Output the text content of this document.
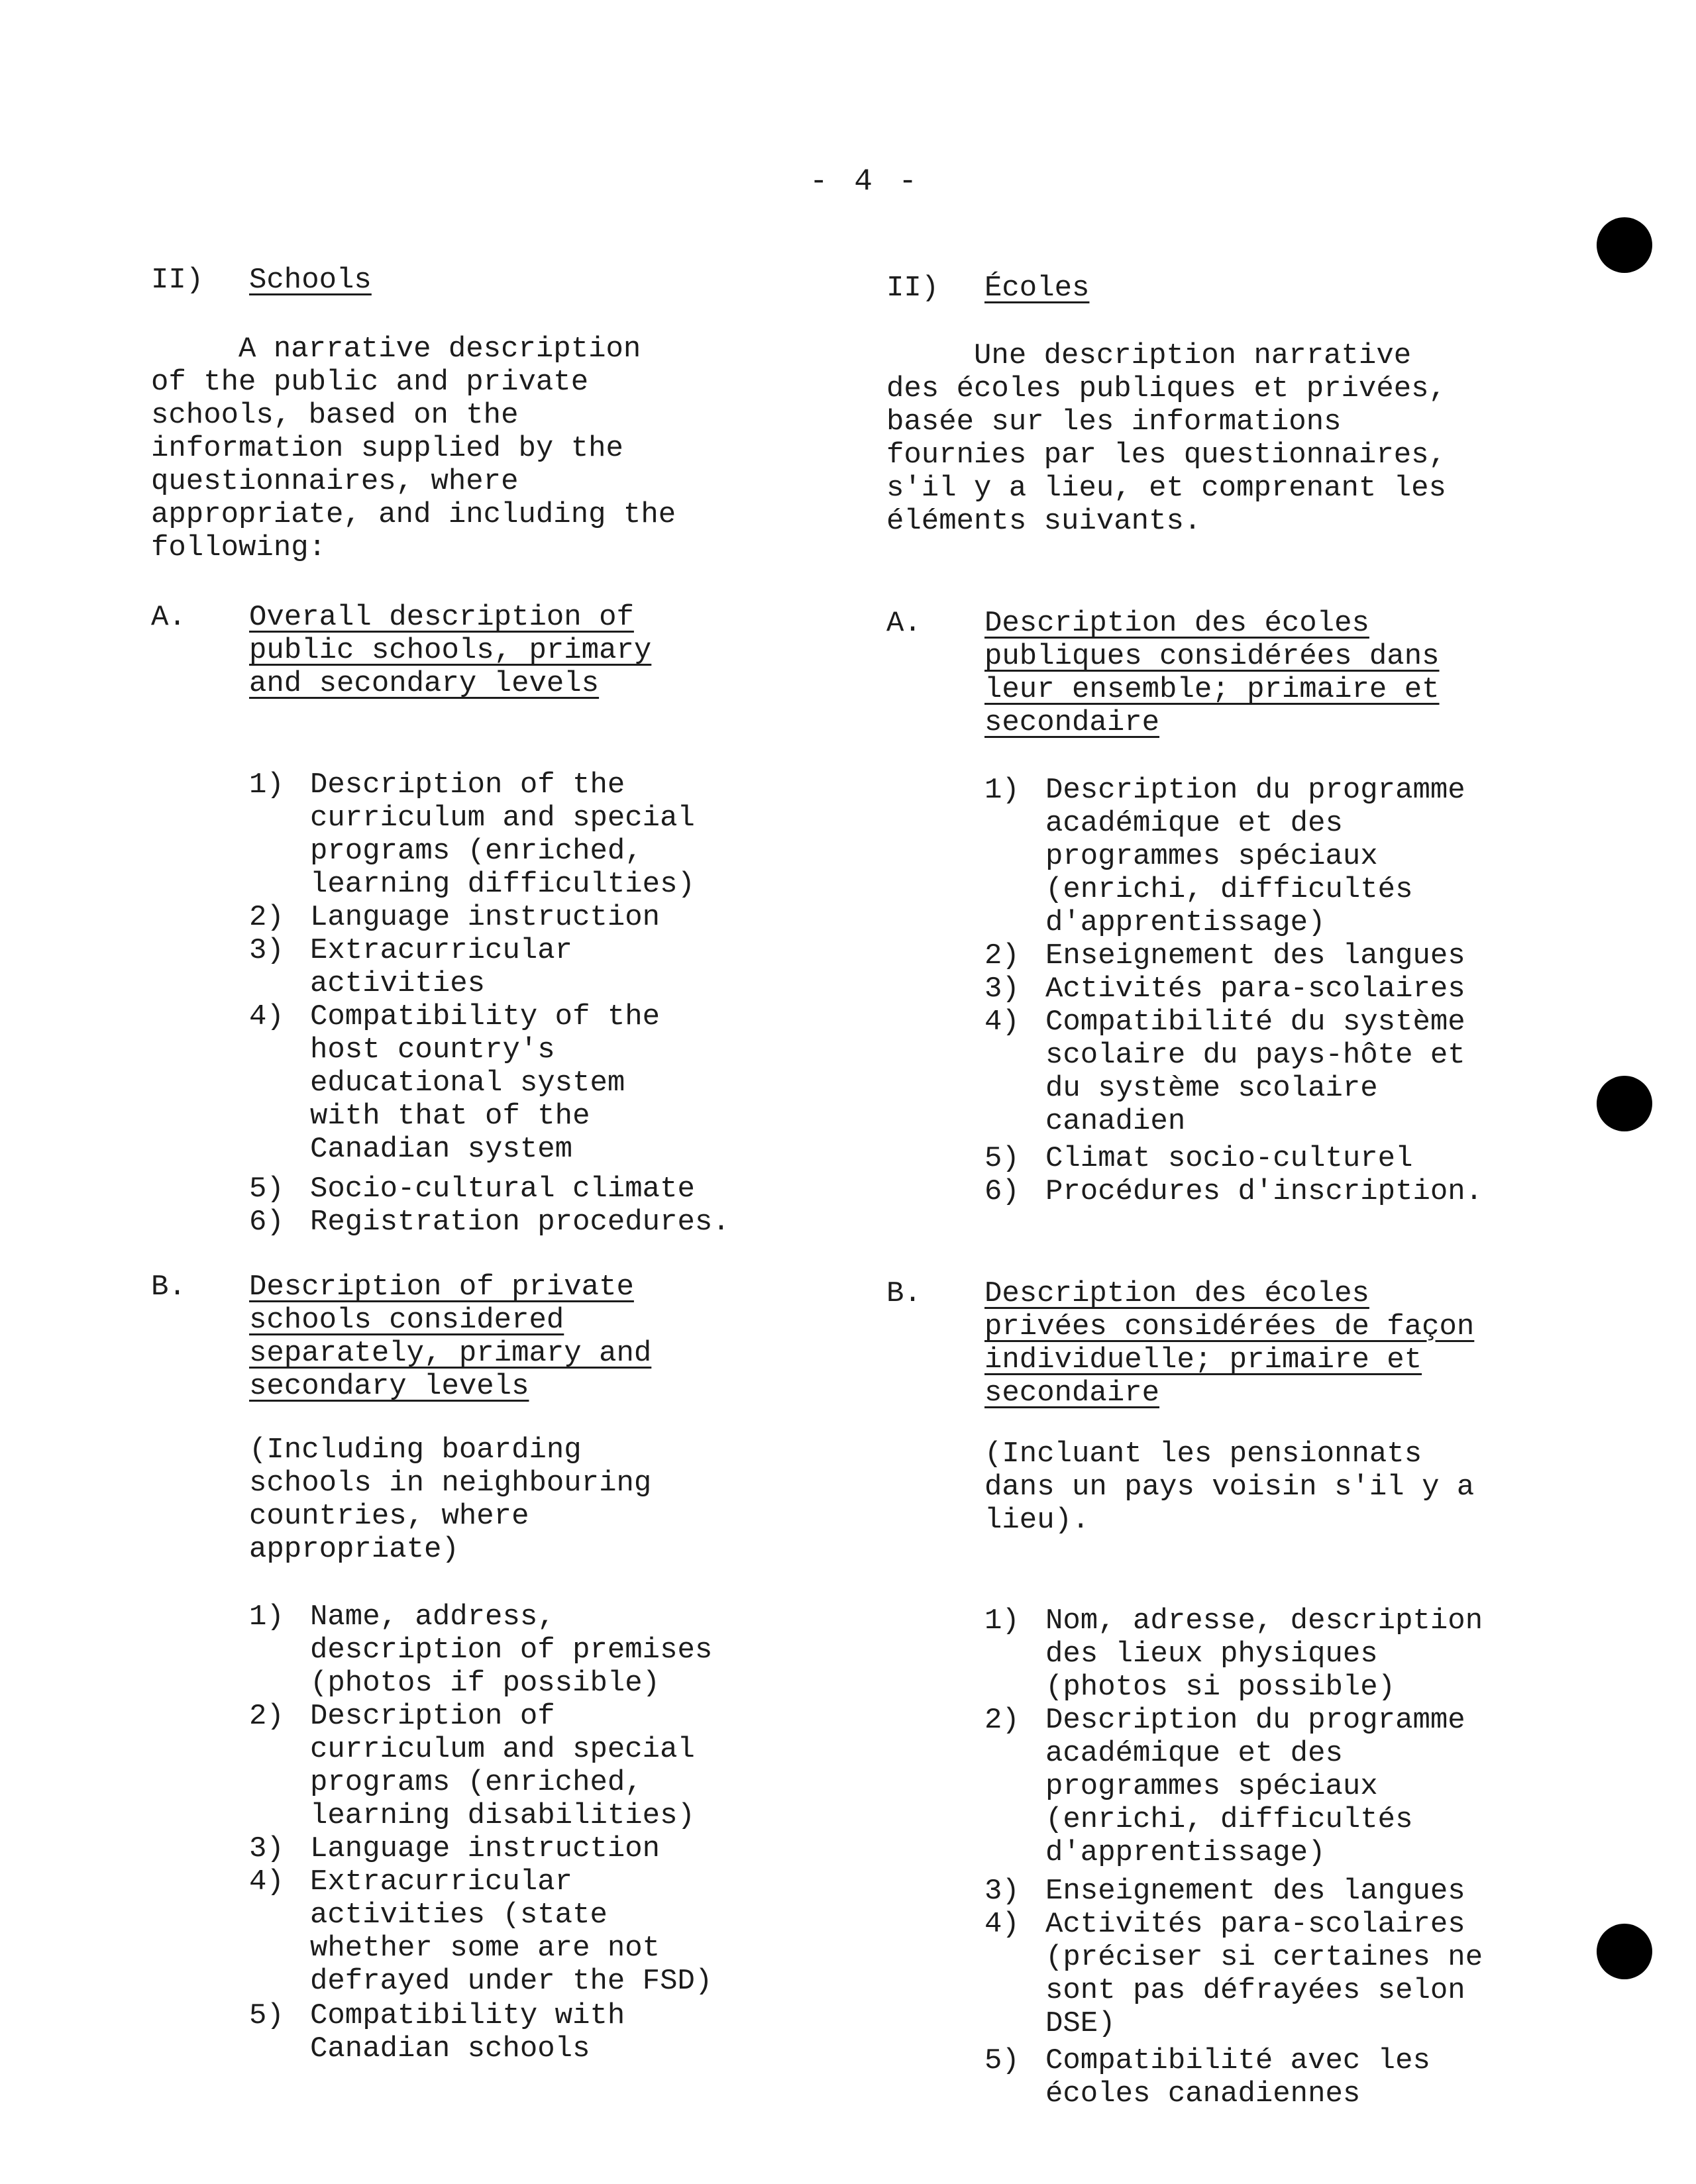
- 4 -
II) Schools
A narrative description
of the public and private
schools, based on the
information supplied by the
questionnaires, where
appropriate, and including the
following:
A. Overall description of
public schools, primary
and secondary levels
1) Description of the
curriculum and special
programs (enriched,
learning difficulties)
2) Language instruction
3) Extracurricular
activities
4) Compatibility of the
host country's
educational system
with that of the
Canadian system
5) Socio-cultural climate
6) Registration procedures.
B. Description of private
schools considered
separately, primary and
secondary levels
(Including boarding
schools in neighbouring
countries, where
appropriate)
1) Name, address,
description of premises
(photos if possible)
2) Description of
curriculum and special
programs (enriched,
learning disabilities)
3) Language instruction
4) Extracurricular
activities (state
whether some are not
defrayed under the FSD)
5) Compatibility with
Canadian schools
II) Écoles
Une description narrative
des écoles publiques et privées,
basée sur les informations
fournies par les questionnaires,
s'il y a lieu, et comprenant les
éléments suivants.
A. Description des écoles
publiques considérées dans
leur ensemble; primaire et
secondaire
1) Description du programme
académique et des
programmes spéciaux
(enrichi, difficultés
d'apprentissage)
2) Enseignement des langues
3) Activités para-scolaires
4) Compatibilité du système
scolaire du pays-hôte et
du système scolaire
canadien
5) Climat socio-culturel
6) Procédures d'inscription.
B. Description des écoles
privées considérées de façon
individuelle; primaire et
secondaire
(Incluant les pensionnats
dans un pays voisin s'il y a
lieu).
1) Nom, adresse, description
des lieux physiques
(photos si possible)
2) Description du programme
académique et des
programmes spéciaux
(enrichi, difficultés
d'apprentissage)
3) Enseignement des langues
4) Activités para-scolaires
(préciser si certaines ne
sont pas défrayées selon
DSE)
5) Compatibilité avec les
écoles canadiennes
